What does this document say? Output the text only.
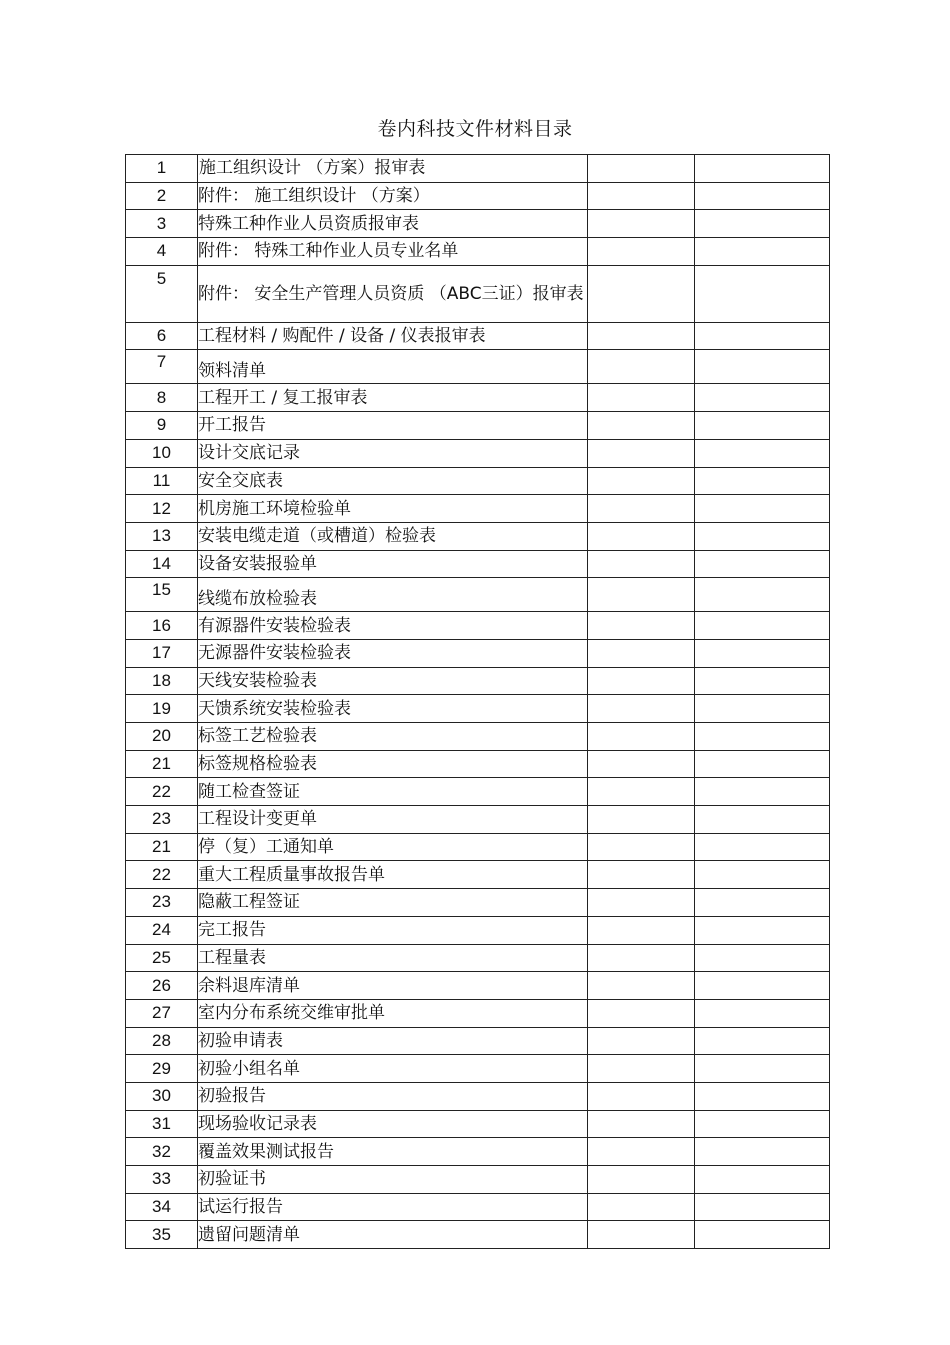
卷内科技文件材料目录
1	施工组织设计 （方案）报审表		
2	附件： 施工组织设计 （方案）		
3	特殊工种作业人员资质报审表		
4	附件： 特殊工种作业人员专业名单		
5	附件： 安全生产管理人员资质 （ABC三证）报审表		
6	工程材料 / 购配件 / 设备 / 仪表报审表		
7	领料清单		
8	工程开工 / 复工报审表		
9	开工报告		
10	设计交底记录		
11	安全交底表		
12	机房施工环境检验单		
13	安装电缆走道（或槽道）检验表		
14	设备安装报验单		
15	线缆布放检验表		
16	有源器件安装检验表		
17	无源器件安装检验表		
18	天线安装检验表		
19	天馈系统安装检验表		
20	标签工艺检验表		
21	标签规格检验表		
22	随工检查签证		
23	工程设计变更单		
21	停（复）工通知单		
22	重大工程质量事故报告单		
23	隐蔽工程签证		
24	完工报告		
25	工程量表		
26	余料退库清单		
27	室内分布系统交维审批单		
28	初验申请表		
29	初验小组名单		
30	初验报告		
31	现场验收记录表		
32	覆盖效果测试报告		
33	初验证书		
34	试运行报告		
35	遗留问题清单		
